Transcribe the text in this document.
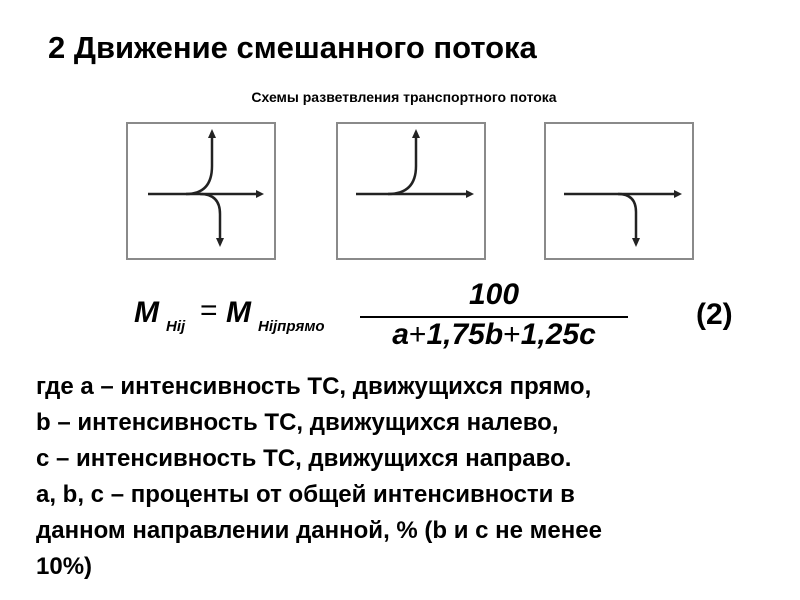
2 Движение смешанного потока
Схемы разветвления транспортного потока
M Hij = M Hijпрямо
100
a+1,75b+1,25c
(2)
где а – интенсивность ТС, движущихся прямо,
b – интенсивность ТС, движущихся налево,
с – интенсивность ТС, движущихся направо.
a, b, c – проценты от общей интенсивности в
данном направлении данной, % (b и c не менее
10%)
